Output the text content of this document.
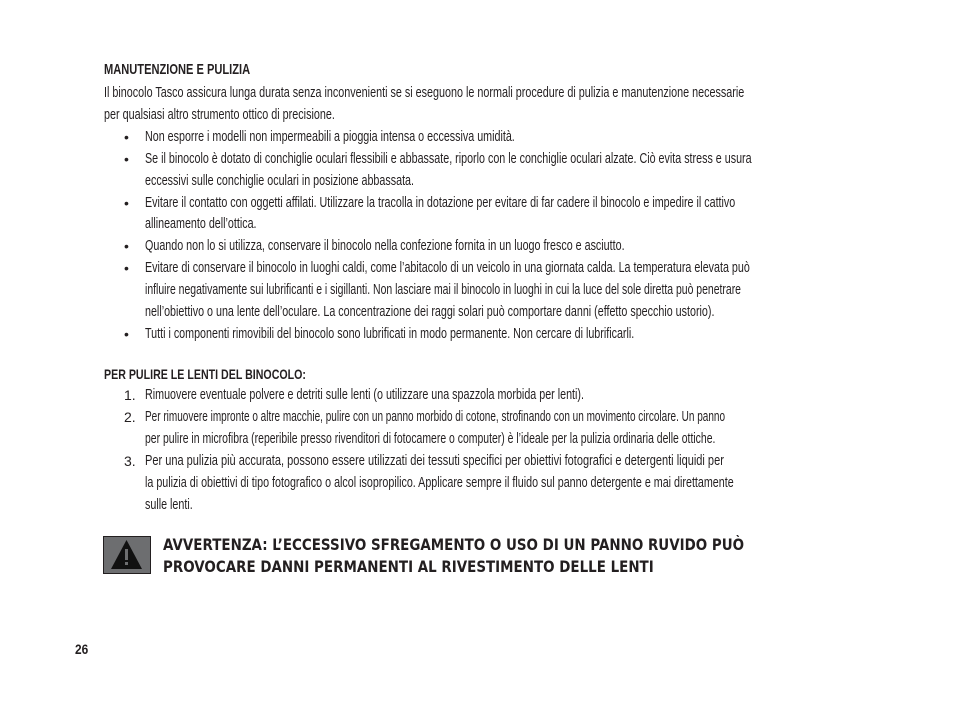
MANUTENZIONE E PULIZIA
Il binocolo Tasco assicura lunga durata senza inconvenienti se si eseguono le normali procedure di pulizia e manutenzione necessarie
per qualsiasi altro strumento ottico di precisione.
• Non esporre i modelli non impermeabili a pioggia intensa o eccessiva umidità.
• Se il binocolo è dotato di conchiglie oculari flessibili e abbassate, riporlo con le conchiglie oculari alzate. Ciò evita stress e usura
eccessivi sulle conchiglie oculari in posizione abbassata.
• Evitare il contatto con oggetti affilati. Utilizzare la tracolla in dotazione per evitare di far cadere il binocolo e impedire il cattivo
allineamento dell’ottica.
• Quando non lo si utilizza, conservare il binocolo nella confezione fornita in un luogo fresco e asciutto.
• Evitare di conservare il binocolo in luoghi caldi, come l’abitacolo di un veicolo in una giornata calda. La temperatura elevata può
influire negativamente sui lubrificanti e i sigillanti. Non lasciare mai il binocolo in luoghi in cui la luce del sole diretta può penetrare
nell’obiettivo o una lente dell’oculare. La concentrazione dei raggi solari può comportare danni (effetto specchio ustorio).
• Tutti i componenti rimovibili del binocolo sono lubrificati in modo permanente. Non cercare di lubrificarli.
PER PULIRE LE LENTI DEL BINOCOLO:
1. Rimuovere eventuale polvere e detriti sulle lenti (o utilizzare una spazzola morbida per lenti).
2. Per rimuovere impronte o altre macchie, pulire con un panno morbido di cotone, strofinando con un movimento circolare. Un panno
per pulire in microfibra (reperibile presso rivenditori di fotocamere o computer) è l’ideale per la pulizia ordinaria delle ottiche.
3. Per una pulizia più accurata, possono essere utilizzati dei tessuti specifici per obiettivi fotografici e detergenti liquidi per
la pulizia di obiettivi di tipo fotografico o alcol isopropilico. Applicare sempre il fluido sul panno detergente e mai direttamente
sulle lenti.
AVVERTENZA: L’ECCESSIVO SFREGAMENTO O USO DI UN PANNO RUVIDO PUÒ
PROVOCARE DANNI PERMANENTI AL RIVESTIMENTO DELLE LENTI
26
